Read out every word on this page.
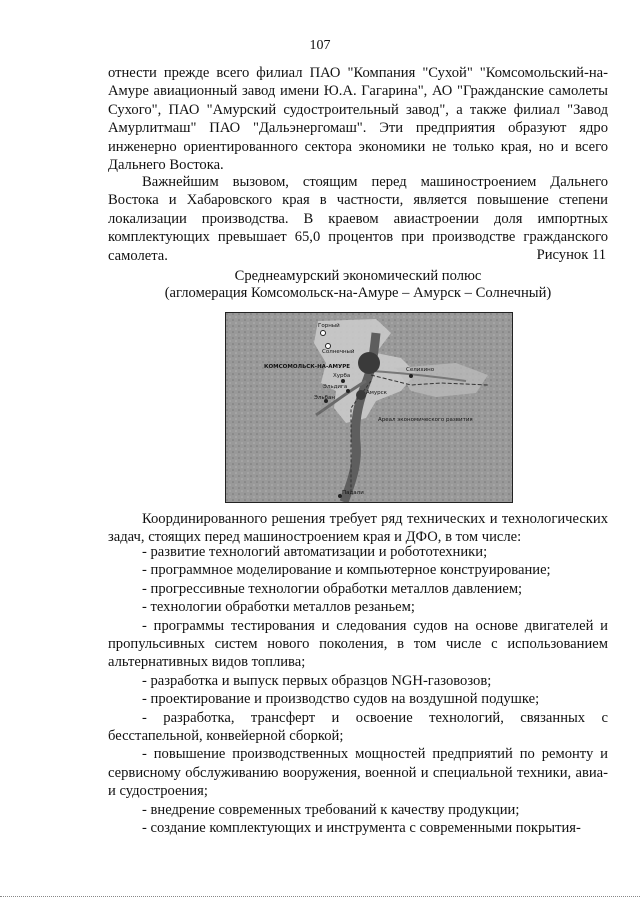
107

отнести прежде всего филиал ПАО "Компания "Сухой" "Комсомольский-на-Амуре авиационный завод имени Ю.А. Гагарина", АО "Гражданские самолеты Сухого", ПАО "Амурский судостроительный завод", а также филиал "Завод Амурлитмаш" ПАО "Дальэнергомаш". Эти предприятия образуют ядро инженерно ориентированного сектора экономики не только края, но и всего Дальнего Востока.

Важнейшим вызовом, стоящим перед машиностроением Дальнего Востока и Хабаровского края в частности, является повышение степени локализации производства. В краевом авиастроении доля импортных комплектующих превышает 65,0 процентов при производстве гражданского самолета.	Рисунок 11
Среднеамурский экономический полюс
(агломерация Комсомольск-на-Амуре – Амурск – Солнечный)
Горный
Солнечный
КОМСОМОЛЬСК-НА-АМУРЕ
Хурба
Селихино
Эльдига
Амурск
Эльбан
Ареал экономического развития
Падали

Координированного решения требует ряд технических и технологических задач, стоящих перед машиностроением края и ДФО, в том числе:

- развитие технологий автоматизации и робототехники;
- программное моделирование и компьютерное конструирование;
- прогрессивные технологии обработки металлов давлением;
- технологии обработки металлов резаньем;
- программы тестирования и следования судов на основе двигателей и пропульсивных систем нового поколения, в том числе с использованием альтернативных видов топлива;
- разработка и выпуск первых образцов NGH-газовозов;
- проектирование и производство судов на воздушной подушке;
- разработка, трансферт и освоение технологий, связанных с бесстапельной, конвейерной сборкой;
- повышение производственных мощностей предприятий по ремонту и сервисному обслуживанию вооружения, военной и специальной техники, авиа- и судостроения;
- внедрение современных требований к качеству продукции;
- создание комплектующих и инструмента с современными покрытия-
